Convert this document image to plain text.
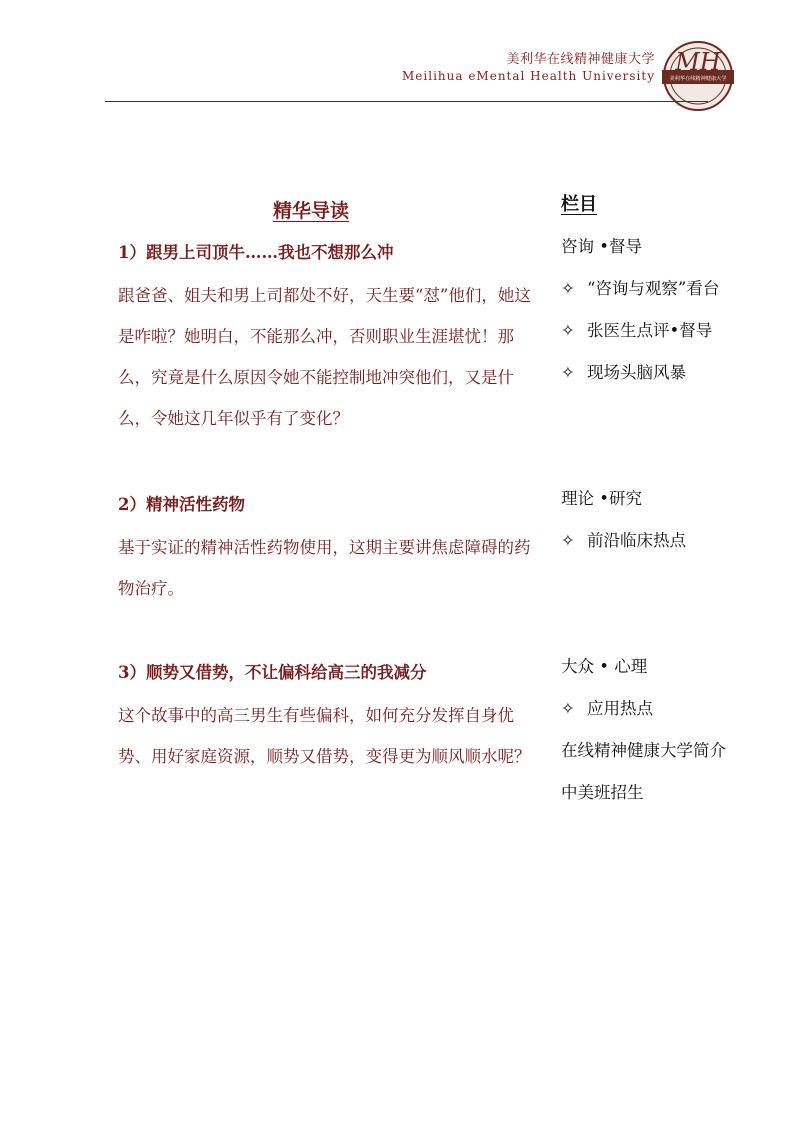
美利华在线精神健康大学
Meilihua eMental Health University MH
美利华在线精神健康大学
精华导读
1）跟男上司顶牛……我也不想那么冲
跟爸爸、姐夫和男上司都处不好，天生要“怼”他们，她这是咋啦？她明白，不能那么冲，否则职业生涯堪忧！那么，究竟是什么原因令她不能控制地冲突他们，又是什么，令她这几年似乎有了变化？
2）精神活性药物
基于实证的精神活性药物使用，这期主要讲焦虑障碍的药物治疗。
3）顺势又借势，不让偏科给高三的我减分
这个故事中的高三男生有些偏科，如何充分发挥自身优势、用好家庭资源，顺势又借势，变得更为顺风顺水呢？
栏目
咨询 •督导
✧ “咨询与观察”看台
✧ 张医生点评•督导
✧ 现场头脑风暴
理论 •研究
✧ 前沿临床热点
大众 • 心理
✧ 应用热点
在线精神健康大学简介
中美班招生
